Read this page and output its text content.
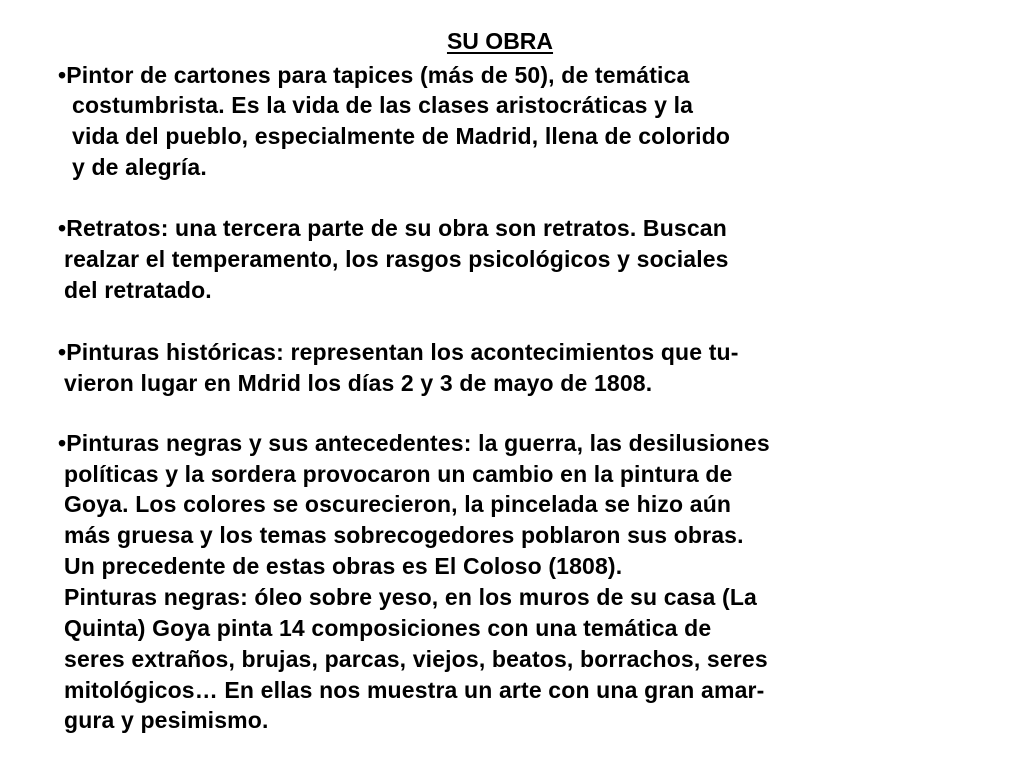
SU OBRA
•Pintor de cartones para tapices (más de 50), de temática
costumbrista. Es la vida de las clases aristocráticas y la
vida del pueblo, especialmente de Madrid, llena de colorido
y de alegría.
•Retratos: una tercera parte de su obra son retratos. Buscan
realzar el temperamento, los rasgos psicológicos y sociales
del retratado.
•Pinturas históricas: representan los acontecimientos que tu-
vieron lugar en Mdrid los días 2 y 3 de mayo de 1808.
•Pinturas negras y sus antecedentes: la guerra, las desilusiones
políticas y la sordera provocaron un cambio en la pintura de
Goya. Los colores se oscurecieron, la pincelada se hizo aún
más gruesa y los temas sobrecogedores poblaron sus obras.
Un precedente de estas obras es El Coloso (1808).
Pinturas negras: óleo sobre yeso, en los muros de su casa (La
Quinta) Goya pinta 14 composiciones con una temática de
seres extraños, brujas, parcas, viejos, beatos, borrachos, seres
mitológicos… En ellas nos muestra un arte con una gran amar-
gura y pesimismo.
